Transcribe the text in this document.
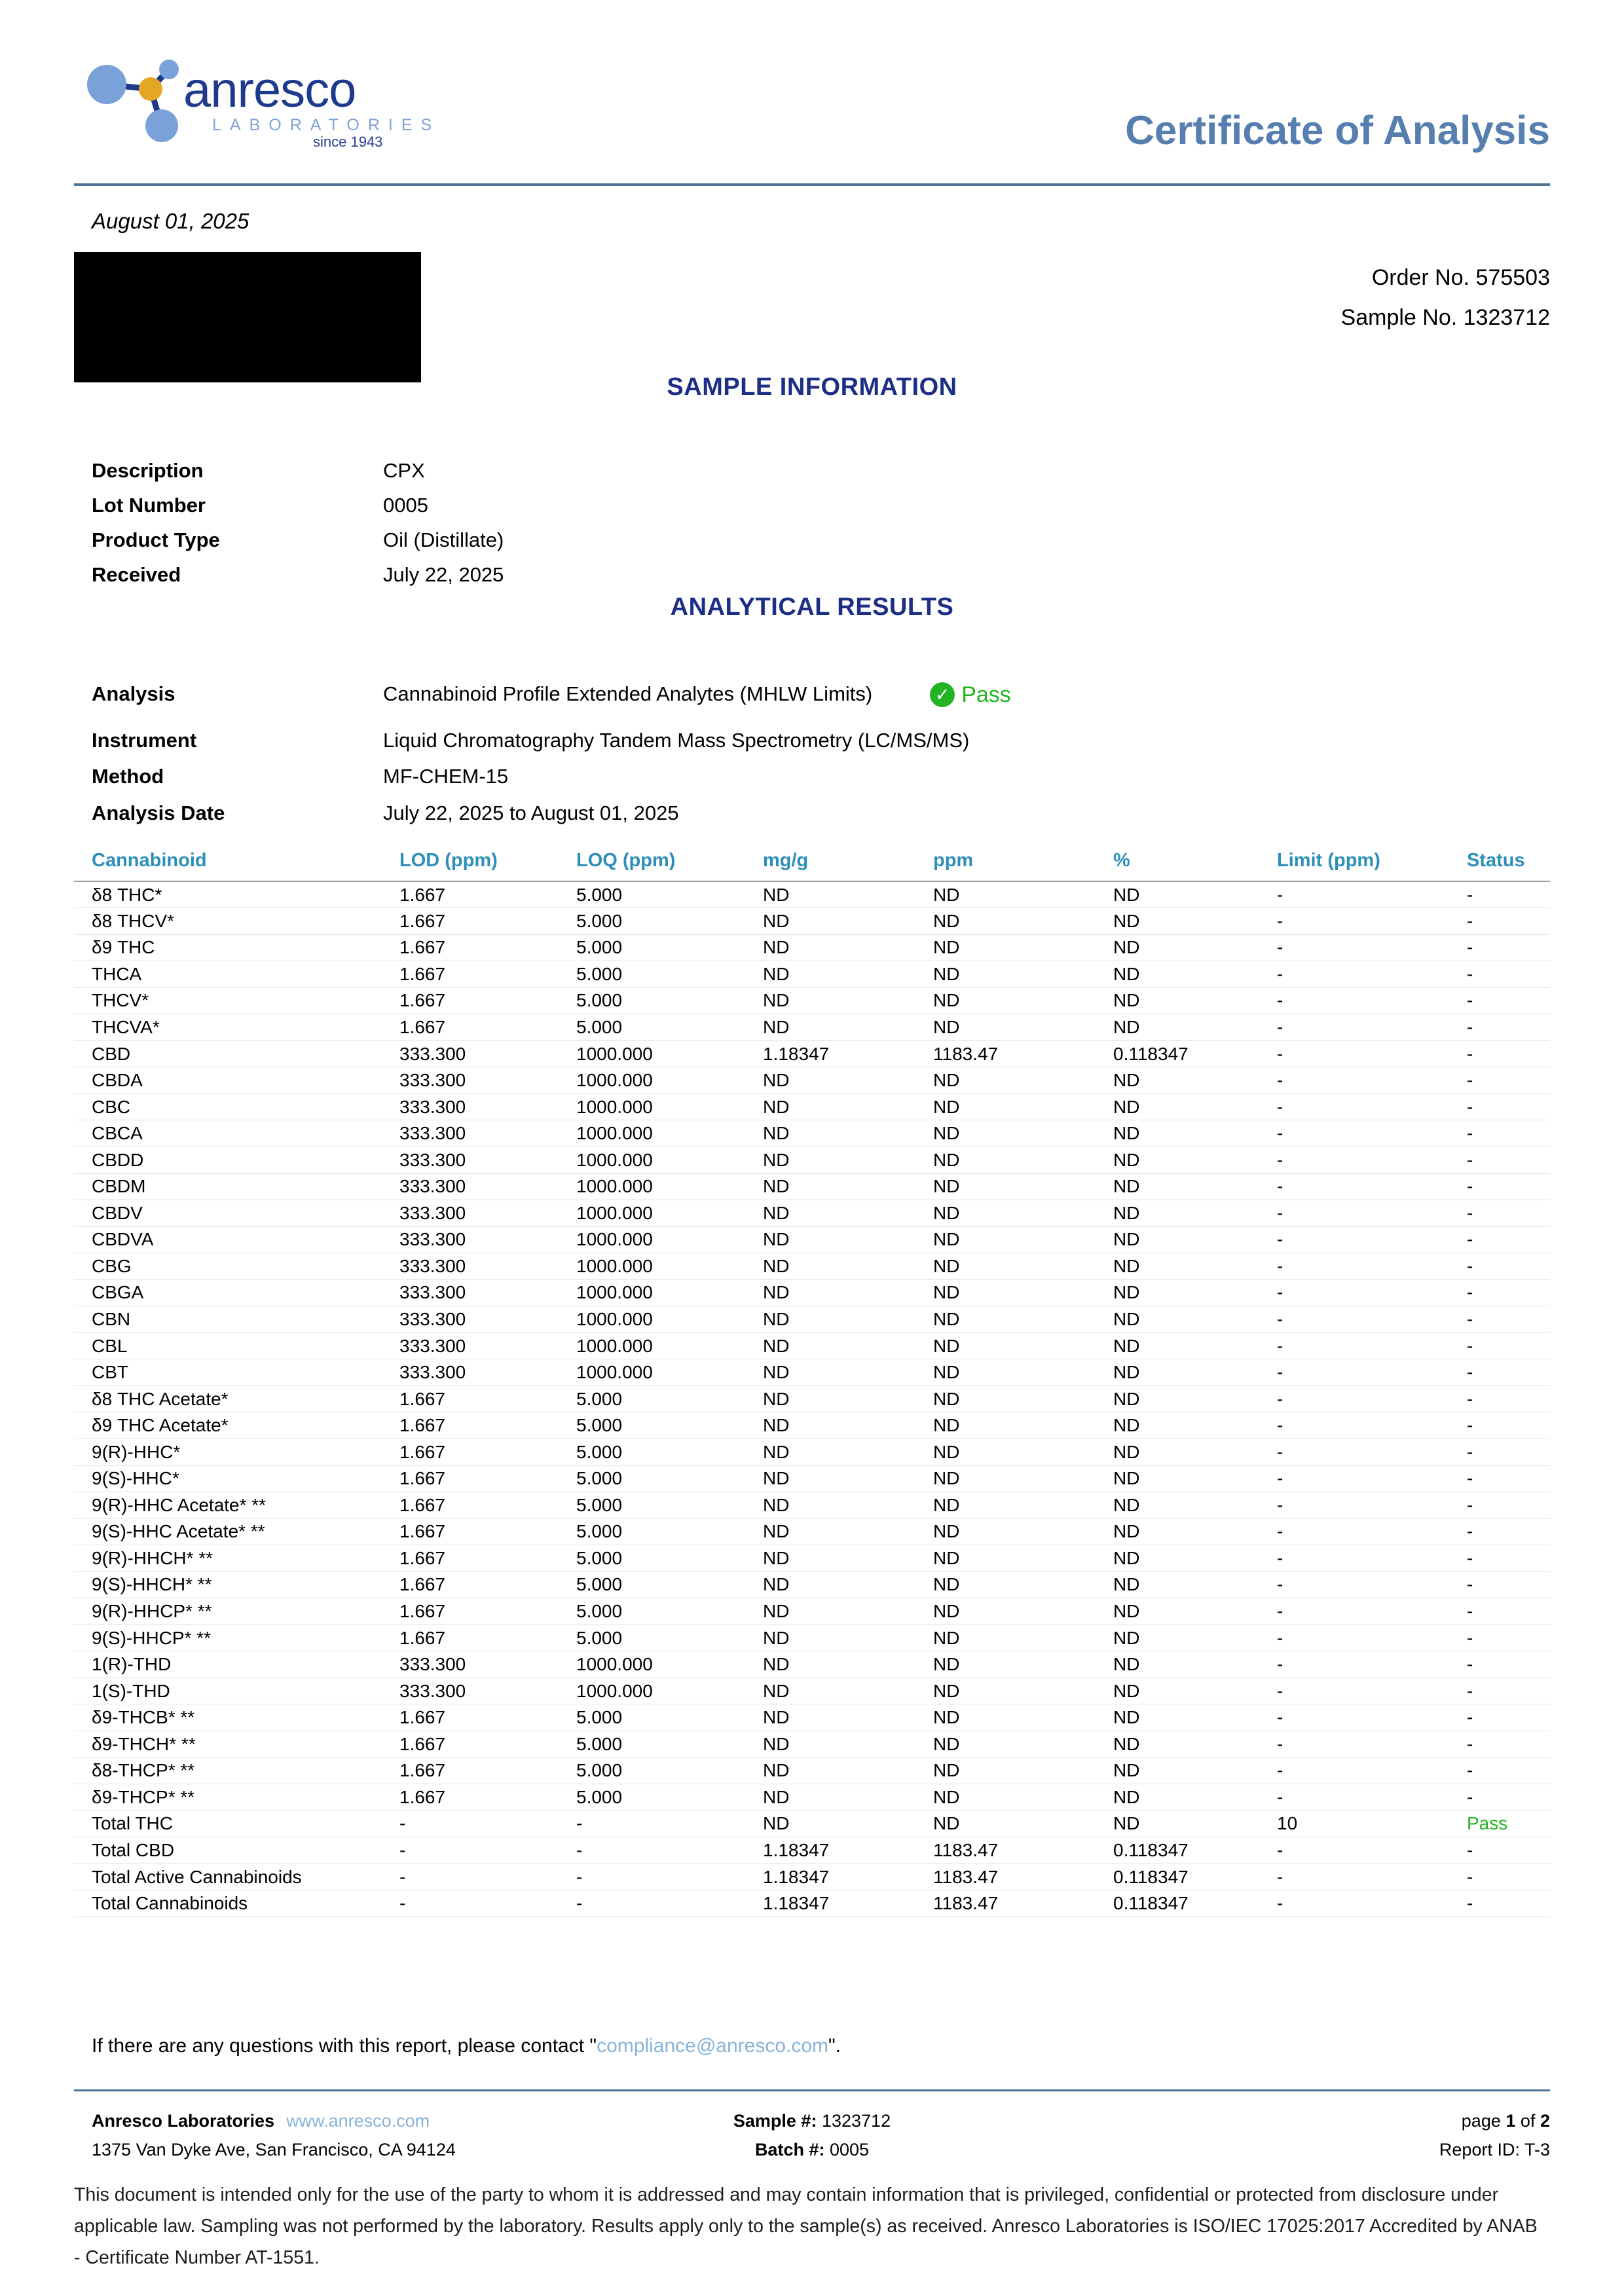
anresco
LABORATORIES
since 1943	Certificate of Analysis
August 01, 2025
Order No. 575503
Sample No. 1323712
SAMPLE INFORMATION
Description	CPX
Lot Number	0005
Product Type	Oil (Distillate)
Received	July 22, 2025
ANALYTICAL RESULTS
Analysis	Cannabinoid Profile Extended Analytes (MHLW Limits)	✓ Pass
Instrument	Liquid Chromatography Tandem Mass Spectrometry (LC/MS/MS)
Method	MF-CHEM-15
Analysis Date	July 22, 2025 to August 01, 2025
Cannabinoid	LOD (ppm)	LOQ (ppm)	mg/g	ppm	%	Limit (ppm)	Status
δ8 THC*	1.667	5.000	ND	ND	ND	-	-
δ8 THCV*	1.667	5.000	ND	ND	ND	-	-
δ9 THC	1.667	5.000	ND	ND	ND	-	-
THCA	1.667	5.000	ND	ND	ND	-	-
THCV*	1.667	5.000	ND	ND	ND	-	-
THCVA*	1.667	5.000	ND	ND	ND	-	-
CBD	333.300	1000.000	1.18347	1183.47	0.118347	-	-
CBDA	333.300	1000.000	ND	ND	ND	-	-
CBC	333.300	1000.000	ND	ND	ND	-	-
CBCA	333.300	1000.000	ND	ND	ND	-	-
CBDD	333.300	1000.000	ND	ND	ND	-	-
CBDM	333.300	1000.000	ND	ND	ND	-	-
CBDV	333.300	1000.000	ND	ND	ND	-	-
CBDVA	333.300	1000.000	ND	ND	ND	-	-
CBG	333.300	1000.000	ND	ND	ND	-	-
CBGA	333.300	1000.000	ND	ND	ND	-	-
CBN	333.300	1000.000	ND	ND	ND	-	-
CBL	333.300	1000.000	ND	ND	ND	-	-
CBT	333.300	1000.000	ND	ND	ND	-	-
δ8 THC Acetate*	1.667	5.000	ND	ND	ND	-	-
δ9 THC Acetate*	1.667	5.000	ND	ND	ND	-	-
9(R)-HHC*	1.667	5.000	ND	ND	ND	-	-
9(S)-HHC*	1.667	5.000	ND	ND	ND	-	-
9(R)-HHC Acetate* **	1.667	5.000	ND	ND	ND	-	-
9(S)-HHC Acetate* **	1.667	5.000	ND	ND	ND	-	-
9(R)-HHCH* **	1.667	5.000	ND	ND	ND	-	-
9(S)-HHCH* **	1.667	5.000	ND	ND	ND	-	-
9(R)-HHCP* **	1.667	5.000	ND	ND	ND	-	-
9(S)-HHCP* **	1.667	5.000	ND	ND	ND	-	-
1(R)-THD	333.300	1000.000	ND	ND	ND	-	-
1(S)-THD	333.300	1000.000	ND	ND	ND	-	-
δ9-THCB* **	1.667	5.000	ND	ND	ND	-	-
δ9-THCH* **	1.667	5.000	ND	ND	ND	-	-
δ8-THCP* **	1.667	5.000	ND	ND	ND	-	-
δ9-THCP* **	1.667	5.000	ND	ND	ND	-	-
Total THC	-	-	ND	ND	ND	10	Pass
Total CBD	-	-	1.18347	1183.47	0.118347	-	-
Total Active Cannabinoids	-	-	1.18347	1183.47	0.118347	-	-
Total Cannabinoids	-	-	1.18347	1183.47	0.118347	-	-
If there are any questions with this report, please contact "compliance@anresco.com".
Anresco Laboratories www.anresco.com	Sample #: 1323712	page 1 of 2
1375 Van Dyke Ave, San Francisco, CA 94124	Batch #: 0005	Report ID: T-3
This document is intended only for the use of the party to whom it is addressed and may contain information that is privileged, confidential or protected from disclosure under applicable law. Sampling was not performed by the laboratory. Results apply only to the sample(s) as received. Anresco Laboratories is ISO/IEC 17025:2017 Accredited by ANAB - Certificate Number AT-1551.
